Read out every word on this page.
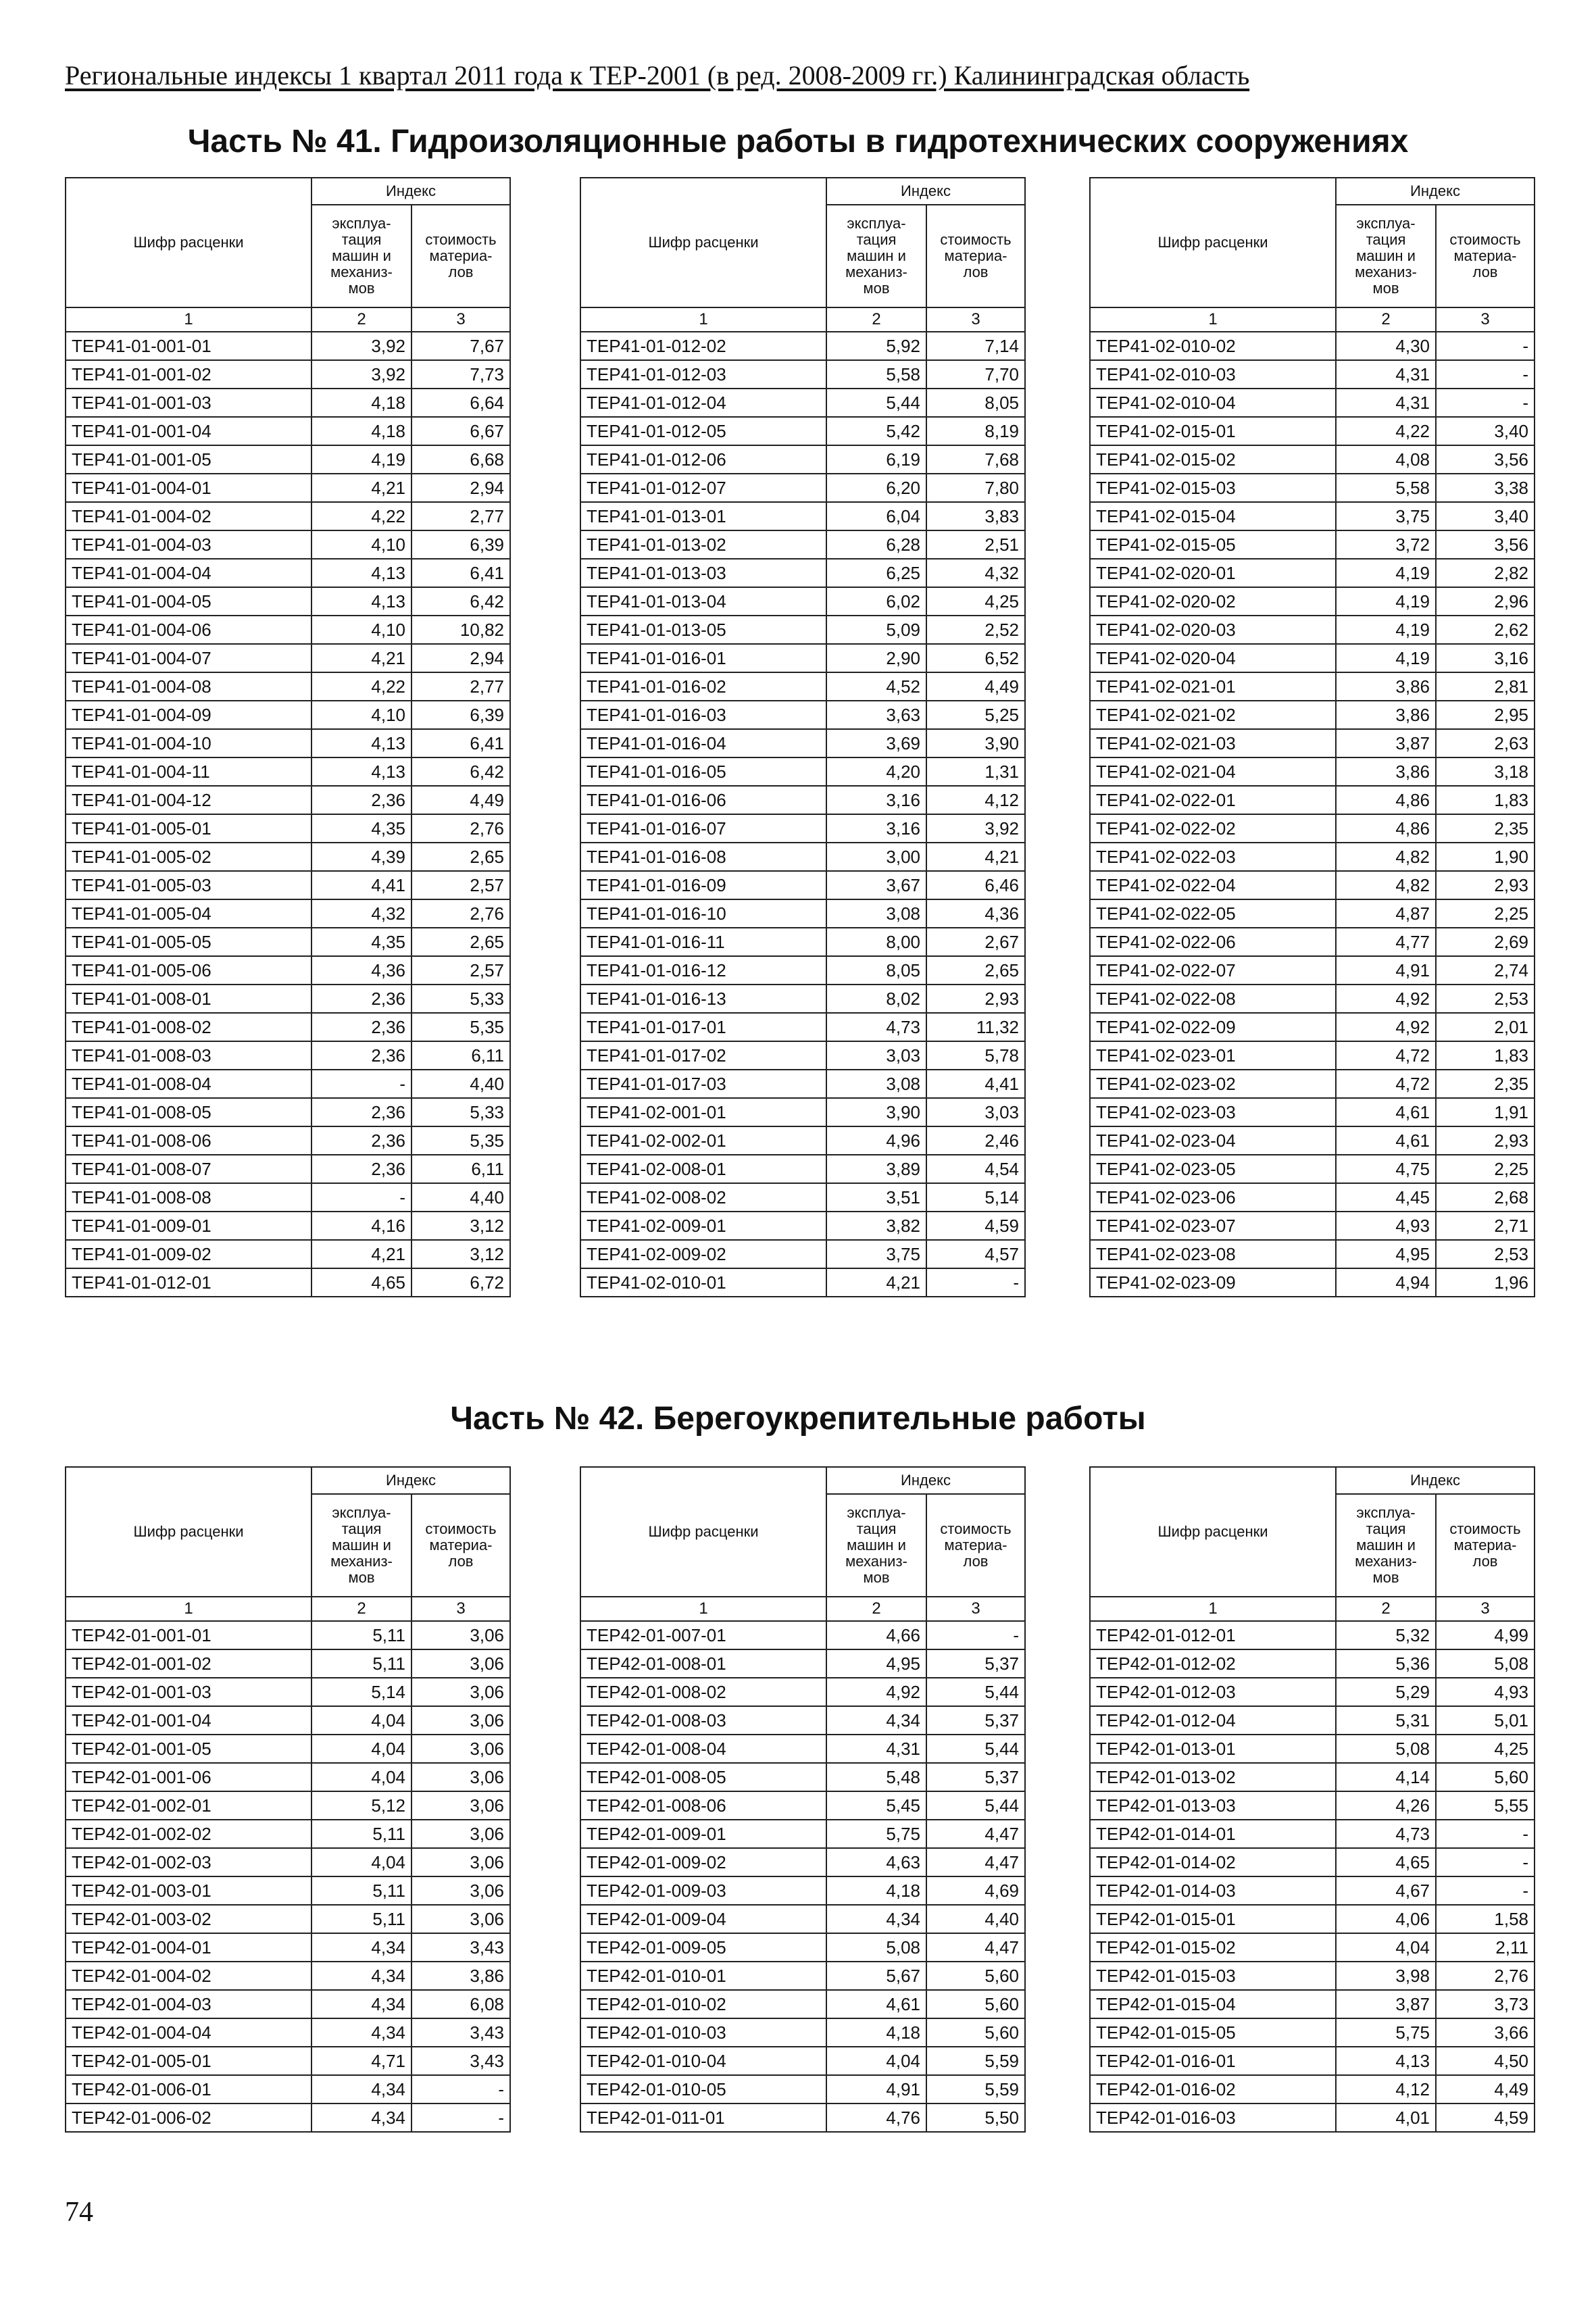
Региональные индексы 1 квартал 2011 года к ТЕР-2001 (в ред. 2008-2009 гг.) Калининградская область
Часть № 41. Гидроизоляционные работы в гидротехнических сооружениях
Часть № 42. Берегоукрепительные работы
Шифр расценки	Индекс	
	эксплуа-
тация
машин и
механиз-
мов	стоимость
материа-
лов
1	2	3
ТЕР41-01-001-01	3,92	7,67
ТЕР41-01-001-02	3,92	7,73
ТЕР41-01-001-03	4,18	6,64
ТЕР41-01-001-04	4,18	6,67
ТЕР41-01-001-05	4,19	6,68
ТЕР41-01-004-01	4,21	2,94
ТЕР41-01-004-02	4,22	2,77
ТЕР41-01-004-03	4,10	6,39
ТЕР41-01-004-04	4,13	6,41
ТЕР41-01-004-05	4,13	6,42
ТЕР41-01-004-06	4,10	10,82
ТЕР41-01-004-07	4,21	2,94
ТЕР41-01-004-08	4,22	2,77
ТЕР41-01-004-09	4,10	6,39
ТЕР41-01-004-10	4,13	6,41
ТЕР41-01-004-11	4,13	6,42
ТЕР41-01-004-12	2,36	4,49
ТЕР41-01-005-01	4,35	2,76
ТЕР41-01-005-02	4,39	2,65
ТЕР41-01-005-03	4,41	2,57
ТЕР41-01-005-04	4,32	2,76
ТЕР41-01-005-05	4,35	2,65
ТЕР41-01-005-06	4,36	2,57
ТЕР41-01-008-01	2,36	5,33
ТЕР41-01-008-02	2,36	5,35
ТЕР41-01-008-03	2,36	6,11
ТЕР41-01-008-04	-	4,40
ТЕР41-01-008-05	2,36	5,33
ТЕР41-01-008-06	2,36	5,35
ТЕР41-01-008-07	2,36	6,11
ТЕР41-01-008-08	-	4,40
ТЕР41-01-009-01	4,16	3,12
ТЕР41-01-009-02	4,21	3,12
ТЕР41-01-012-01	4,65	6,72
Шифр расценки	Индекс	
	эксплуа-
тация
машин и
механиз-
мов	стоимость
материа-
лов
1	2	3
ТЕР41-01-012-02	5,92	7,14
ТЕР41-01-012-03	5,58	7,70
ТЕР41-01-012-04	5,44	8,05
ТЕР41-01-012-05	5,42	8,19
ТЕР41-01-012-06	6,19	7,68
ТЕР41-01-012-07	6,20	7,80
ТЕР41-01-013-01	6,04	3,83
ТЕР41-01-013-02	6,28	2,51
ТЕР41-01-013-03	6,25	4,32
ТЕР41-01-013-04	6,02	4,25
ТЕР41-01-013-05	5,09	2,52
ТЕР41-01-016-01	2,90	6,52
ТЕР41-01-016-02	4,52	4,49
ТЕР41-01-016-03	3,63	5,25
ТЕР41-01-016-04	3,69	3,90
ТЕР41-01-016-05	4,20	1,31
ТЕР41-01-016-06	3,16	4,12
ТЕР41-01-016-07	3,16	3,92
ТЕР41-01-016-08	3,00	4,21
ТЕР41-01-016-09	3,67	6,46
ТЕР41-01-016-10	3,08	4,36
ТЕР41-01-016-11	8,00	2,67
ТЕР41-01-016-12	8,05	2,65
ТЕР41-01-016-13	8,02	2,93
ТЕР41-01-017-01	4,73	11,32
ТЕР41-01-017-02	3,03	5,78
ТЕР41-01-017-03	3,08	4,41
ТЕР41-02-001-01	3,90	3,03
ТЕР41-02-002-01	4,96	2,46
ТЕР41-02-008-01	3,89	4,54
ТЕР41-02-008-02	3,51	5,14
ТЕР41-02-009-01	3,82	4,59
ТЕР41-02-009-02	3,75	4,57
ТЕР41-02-010-01	4,21	-
Шифр расценки	Индекс	
	эксплуа-
тация
машин и
механиз-
мов	стоимость
материа-
лов
1	2	3
ТЕР41-02-010-02	4,30	-
ТЕР41-02-010-03	4,31	-
ТЕР41-02-010-04	4,31	-
ТЕР41-02-015-01	4,22	3,40
ТЕР41-02-015-02	4,08	3,56
ТЕР41-02-015-03	5,58	3,38
ТЕР41-02-015-04	3,75	3,40
ТЕР41-02-015-05	3,72	3,56
ТЕР41-02-020-01	4,19	2,82
ТЕР41-02-020-02	4,19	2,96
ТЕР41-02-020-03	4,19	2,62
ТЕР41-02-020-04	4,19	3,16
ТЕР41-02-021-01	3,86	2,81
ТЕР41-02-021-02	3,86	2,95
ТЕР41-02-021-03	3,87	2,63
ТЕР41-02-021-04	3,86	3,18
ТЕР41-02-022-01	4,86	1,83
ТЕР41-02-022-02	4,86	2,35
ТЕР41-02-022-03	4,82	1,90
ТЕР41-02-022-04	4,82	2,93
ТЕР41-02-022-05	4,87	2,25
ТЕР41-02-022-06	4,77	2,69
ТЕР41-02-022-07	4,91	2,74
ТЕР41-02-022-08	4,92	2,53
ТЕР41-02-022-09	4,92	2,01
ТЕР41-02-023-01	4,72	1,83
ТЕР41-02-023-02	4,72	2,35
ТЕР41-02-023-03	4,61	1,91
ТЕР41-02-023-04	4,61	2,93
ТЕР41-02-023-05	4,75	2,25
ТЕР41-02-023-06	4,45	2,68
ТЕР41-02-023-07	4,93	2,71
ТЕР41-02-023-08	4,95	2,53
ТЕР41-02-023-09	4,94	1,96
Шифр расценки	Индекс	
	эксплуа-
тация
машин и
механиз-
мов	стоимость
материа-
лов
1	2	3
ТЕР42-01-001-01	5,11	3,06
ТЕР42-01-001-02	5,11	3,06
ТЕР42-01-001-03	5,14	3,06
ТЕР42-01-001-04	4,04	3,06
ТЕР42-01-001-05	4,04	3,06
ТЕР42-01-001-06	4,04	3,06
ТЕР42-01-002-01	5,12	3,06
ТЕР42-01-002-02	5,11	3,06
ТЕР42-01-002-03	4,04	3,06
ТЕР42-01-003-01	5,11	3,06
ТЕР42-01-003-02	5,11	3,06
ТЕР42-01-004-01	4,34	3,43
ТЕР42-01-004-02	4,34	3,86
ТЕР42-01-004-03	4,34	6,08
ТЕР42-01-004-04	4,34	3,43
ТЕР42-01-005-01	4,71	3,43
ТЕР42-01-006-01	4,34	-
ТЕР42-01-006-02	4,34	-
Шифр расценки	Индекс	
	эксплуа-
тация
машин и
механиз-
мов	стоимость
материа-
лов
1	2	3
ТЕР42-01-007-01	4,66	-
ТЕР42-01-008-01	4,95	5,37
ТЕР42-01-008-02	4,92	5,44
ТЕР42-01-008-03	4,34	5,37
ТЕР42-01-008-04	4,31	5,44
ТЕР42-01-008-05	5,48	5,37
ТЕР42-01-008-06	5,45	5,44
ТЕР42-01-009-01	5,75	4,47
ТЕР42-01-009-02	4,63	4,47
ТЕР42-01-009-03	4,18	4,69
ТЕР42-01-009-04	4,34	4,40
ТЕР42-01-009-05	5,08	4,47
ТЕР42-01-010-01	5,67	5,60
ТЕР42-01-010-02	4,61	5,60
ТЕР42-01-010-03	4,18	5,60
ТЕР42-01-010-04	4,04	5,59
ТЕР42-01-010-05	4,91	5,59
ТЕР42-01-011-01	4,76	5,50
Шифр расценки	Индекс	
	эксплуа-
тация
машин и
механиз-
мов	стоимость
материа-
лов
1	2	3
ТЕР42-01-012-01	5,32	4,99
ТЕР42-01-012-02	5,36	5,08
ТЕР42-01-012-03	5,29	4,93
ТЕР42-01-012-04	5,31	5,01
ТЕР42-01-013-01	5,08	4,25
ТЕР42-01-013-02	4,14	5,60
ТЕР42-01-013-03	4,26	5,55
ТЕР42-01-014-01	4,73	-
ТЕР42-01-014-02	4,65	-
ТЕР42-01-014-03	4,67	-
ТЕР42-01-015-01	4,06	1,58
ТЕР42-01-015-02	4,04	2,11
ТЕР42-01-015-03	3,98	2,76
ТЕР42-01-015-04	3,87	3,73
ТЕР42-01-015-05	5,75	3,66
ТЕР42-01-016-01	4,13	4,50
ТЕР42-01-016-02	4,12	4,49
ТЕР42-01-016-03	4,01	4,59
74
